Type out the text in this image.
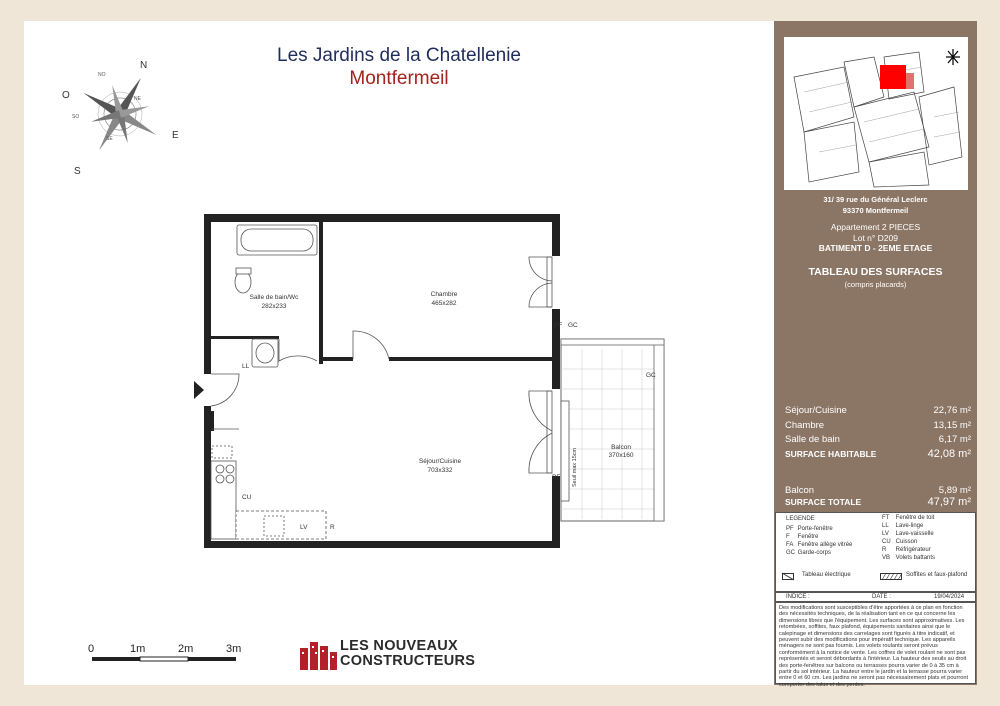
Les Jardins de la Chatellenie
Montfermeil
N
O
S
E
NO
NE
SO
SE
Salle de bain/Wc
282x233
Chambre
465x282
Séjour/Cuisine
703x332
Balcon
370x160
LL
CU
LV	R
PF GC
PF
GC
Seuil max 15cm
0	1m	2m	3m	LES NOUVEAUX
CONSTRUCTEURS
31/ 39 rue du Général Leclerc
93370 Montfermeil
Appartement 2 PIECES
Lot n° D209
BATIMENT D - 2EME ETAGE
TABLEAU DES SURFACES
(compris placards)
Séjour/Cuisine	22,76 m²
Chambre	13,15 m²
Salle de bain	6,17 m²
SURFACE HABITABLE	42,08 m²
Balcon	5,89 m²
SURFACE TOTALE	47,97 m²
LEGENDE
PF Porte-fenêtre
F Fenêtre
FA Fenêtre allège vitrée
GC Garde-corps
FT Fenêtre de toit
LL Lave-linge
LV Lave-vaisselle
CU Cuisson
R Réfrigérateur
VB Volets battants
Tableau électrique	Soffites et faux-plafond
INDICE :	DATE :	19/04/2024
Des modifications sont susceptibles d'être apportées à ce plan en fonction des nécessités techniques, de la réalisation tant en ce qui concerne les dimensions libres que l'équipement. Les surfaces sont approximatives. Les retombées, soffites, faux plafond, équipements sanitaires ainsi que le calepinage et dimensions des carrelages sont figurés à titre indicatif, et peuvent subir des modifications pour impératif technique. Les appareils ménagers ne sont pas fournis. Les volets roulants seront prévus conformément à la notice de vente. Les coffres de volet roulant ne sont pas représentés et seront débordants à l'intérieur. La hauteur des seuils au droit des porte-fenêtres sur balcons ou terrasses pourra varier de 0 à 35 cm à partir du sol intérieur. La hauteur entre le jardin et la terrasse pourra varier entre 0 et 60 cm. Les jardins ne seront pas nécessairement plats et pourront comporter des talus et des pentes.
